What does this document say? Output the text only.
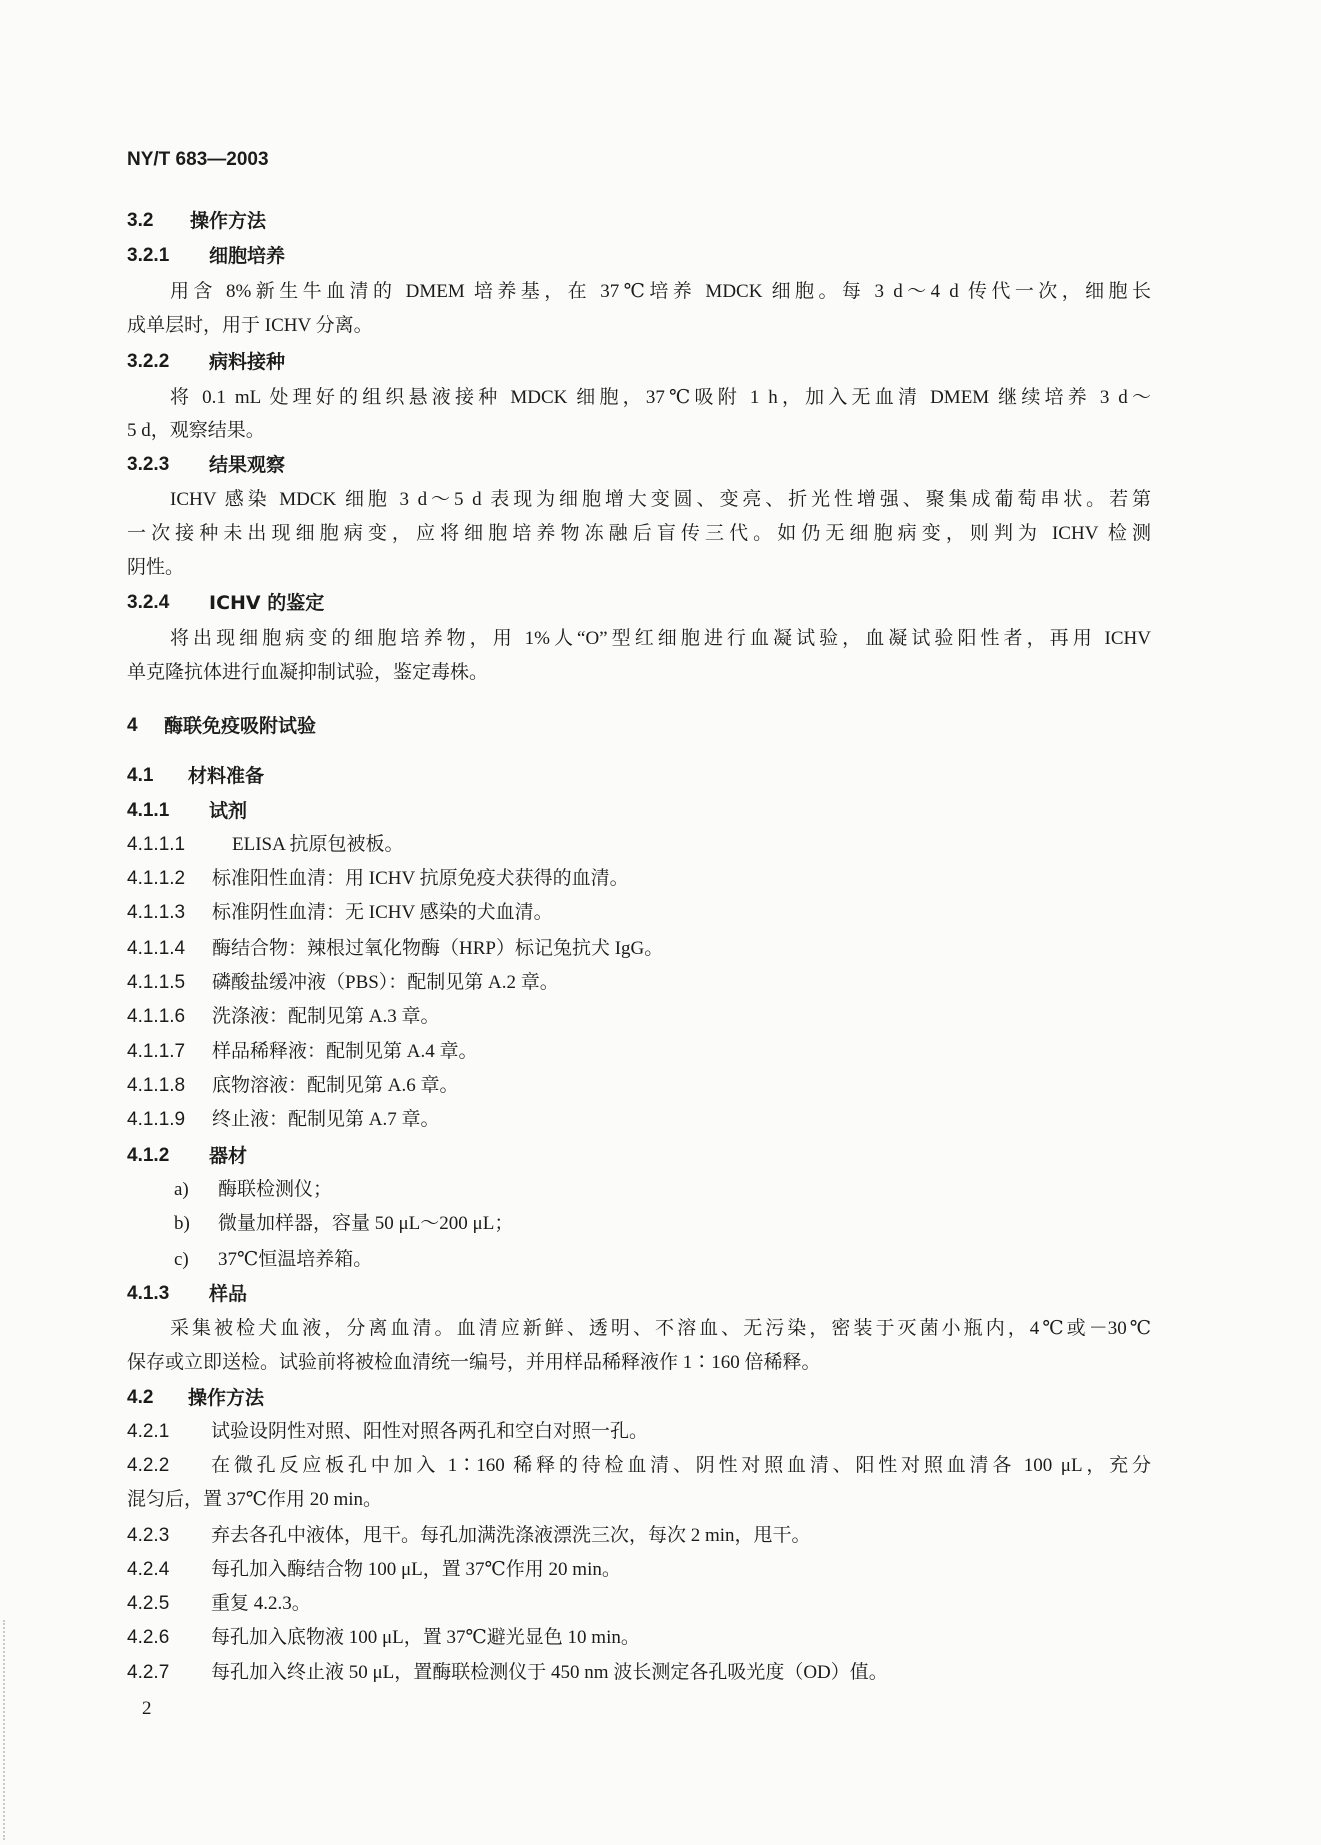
NY/T 683—2003
3.2 操作方法
3.2.1 细胞培养
用含 8%新生牛血清的 DMEM 培养基，在 37℃培养 MDCK 细胞。每 3 d～4 d 传代一次，细胞长
成单层时，用于 ICHV 分离。
3.2.2 病料接种
将 0.1 mL 处理好的组织悬液接种 MDCK 细胞，37℃吸附 1 h，加入无血清 DMEM 继续培养 3 d～
5 d，观察结果。
3.2.3 结果观察
ICHV 感染 MDCK 细胞 3 d～5 d 表现为细胞增大变圆、变亮、折光性增强、聚集成葡萄串状。若第
一次接种未出现细胞病变，应将细胞培养物冻融后盲传三代。如仍无细胞病变，则判为 ICHV 检测
阴性。
3.2.4 ICHV 的鉴定
将出现细胞病变的细胞培养物，用 1%人“O”型红细胞进行血凝试验，血凝试验阳性者，再用 ICHV
单克隆抗体进行血凝抑制试验，鉴定毒株。
4 酶联免疫吸附试验
4.1 材料准备
4.1.1 试剂
4.1.1.1 ELISA 抗原包被板。
4.1.1.2 标准阳性血清：用 ICHV 抗原免疫犬获得的血清。
4.1.1.3 标准阴性血清：无 ICHV 感染的犬血清。
4.1.1.4 酶结合物：辣根过氧化物酶（HRP）标记兔抗犬 IgG。
4.1.1.5 磷酸盐缓冲液（PBS）：配制见第 A.2 章。
4.1.1.6 洗涤液：配制见第 A.3 章。
4.1.1.7 样品稀释液：配制见第 A.4 章。
4.1.1.8 底物溶液：配制见第 A.6 章。
4.1.1.9 终止液：配制见第 A.7 章。
4.1.2 器材
a) 酶联检测仪；
b) 微量加样器，容量 50 μL～200 μL；
c) 37℃恒温培养箱。
4.1.3 样品
采集被检犬血液，分离血清。血清应新鲜、透明、不溶血、无污染，密装于灭菌小瓶内，4℃或－30℃
保存或立即送检。试验前将被检血清统一编号，并用样品稀释液作 1∶160 倍稀释。
4.2 操作方法
4.2.1 试验设阴性对照、阳性对照各两孔和空白对照一孔。
4.2.2 在微孔反应板孔中加入 1∶160 稀释的待检血清、阴性对照血清、阳性对照血清各 100 μL，充分
混匀后，置 37℃作用 20 min。
4.2.3 弃去各孔中液体，甩干。每孔加满洗涤液漂洗三次，每次 2 min，甩干。
4.2.4 每孔加入酶结合物 100 μL，置 37℃作用 20 min。
4.2.5 重复 4.2.3。
4.2.6 每孔加入底物液 100 μL，置 37℃避光显色 10 min。
4.2.7 每孔加入终止液 50 μL，置酶联检测仪于 450 nm 波长测定各孔吸光度（OD）值。
2
